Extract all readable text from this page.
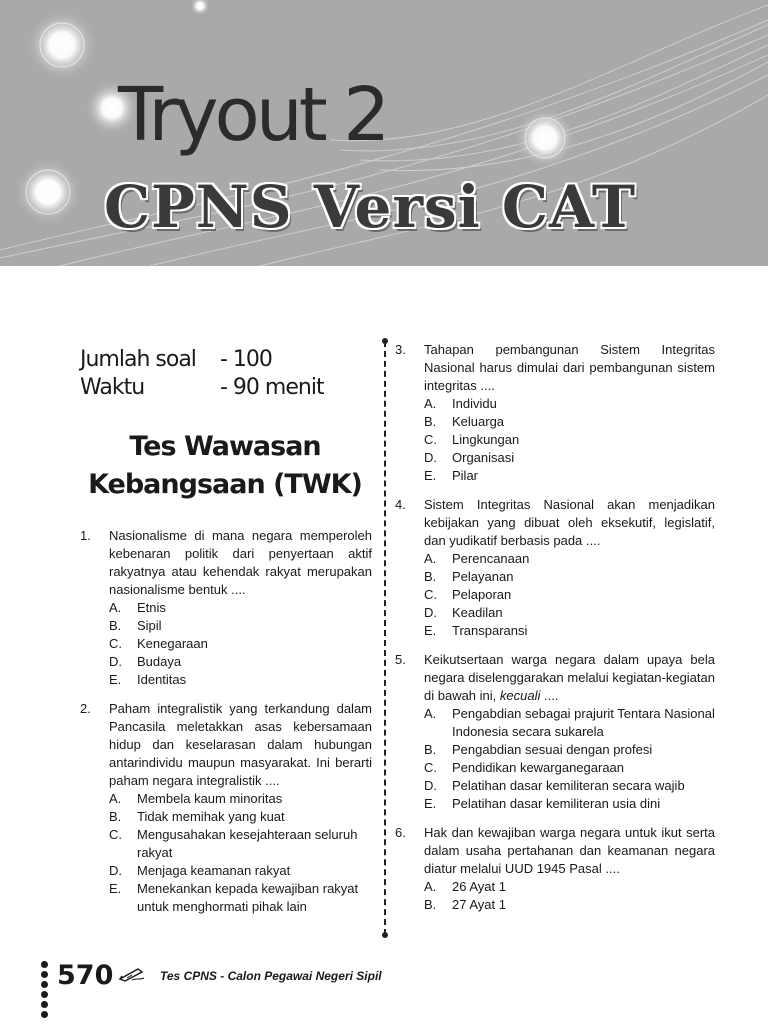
Tryout 2
CPNS Versi CAT
Jumlah soal	- 100
Waktu	- 90 menit
Tes Wawasan
Kebangsaan (TWK)
1.	Nasionalisme di mana negara memperoleh kebenaran politik dari penyertaan aktif rakyatnya atau kehendak rakyat merupakan nasionalisme bentuk ....
A.	Etnis
B.	Sipil
C.	Kenegaraan
D.	Budaya
E.	Identitas
2.	Paham integralistik yang terkandung dalam Pancasila meletakkan asas kebersamaan hidup dan keselarasan dalam hubungan antarindividu maupun masyarakat. Ini berarti paham negara integralistik ....
A.	Membela kaum minoritas
B.	Tidak memihak yang kuat
C.	Mengusahakan kesejahteraan seluruh rakyat
D.	Menjaga keamanan rakyat
E.	Menekankan kepada kewajiban rakyat untuk menghormati pihak lain
3.	Tahapan pembangunan Sistem Integritas Nasional harus dimulai dari pembangunan sistem integritas ....
A.	Individu
B.	Keluarga
C.	Lingkungan
D.	Organisasi
E.	Pilar
4.	Sistem Integritas Nasional akan menjadikan kebijakan yang dibuat oleh eksekutif, legislatif, dan yudikatif berbasis pada ....
A.	Perencanaan
B.	Pelayanan
C.	Pelaporan
D.	Keadilan
E.	Transparansi
5.	Keikutsertaan warga negara dalam upaya bela negara diselenggarakan melalui kegiatan-kegiatan di bawah ini, kecuali ....
A.	Pengabdian sebagai prajurit Tentara Nasional Indonesia secara sukarela
B.	Pengabdian sesuai dengan profesi
C.	Pendidikan kewarganegaraan
D.	Pelatihan dasar kemiliteran secara wajib
E.	Pelatihan dasar kemiliteran usia dini
6.	Hak dan kewajiban warga negara untuk ikut serta dalam usaha pertahanan dan keamanan negara diatur melalui UUD 1945 Pasal ....
A.	26 Ayat 1
B.	27 Ayat 1
570	Tes CPNS - Calon Pegawai Negeri Sipil
